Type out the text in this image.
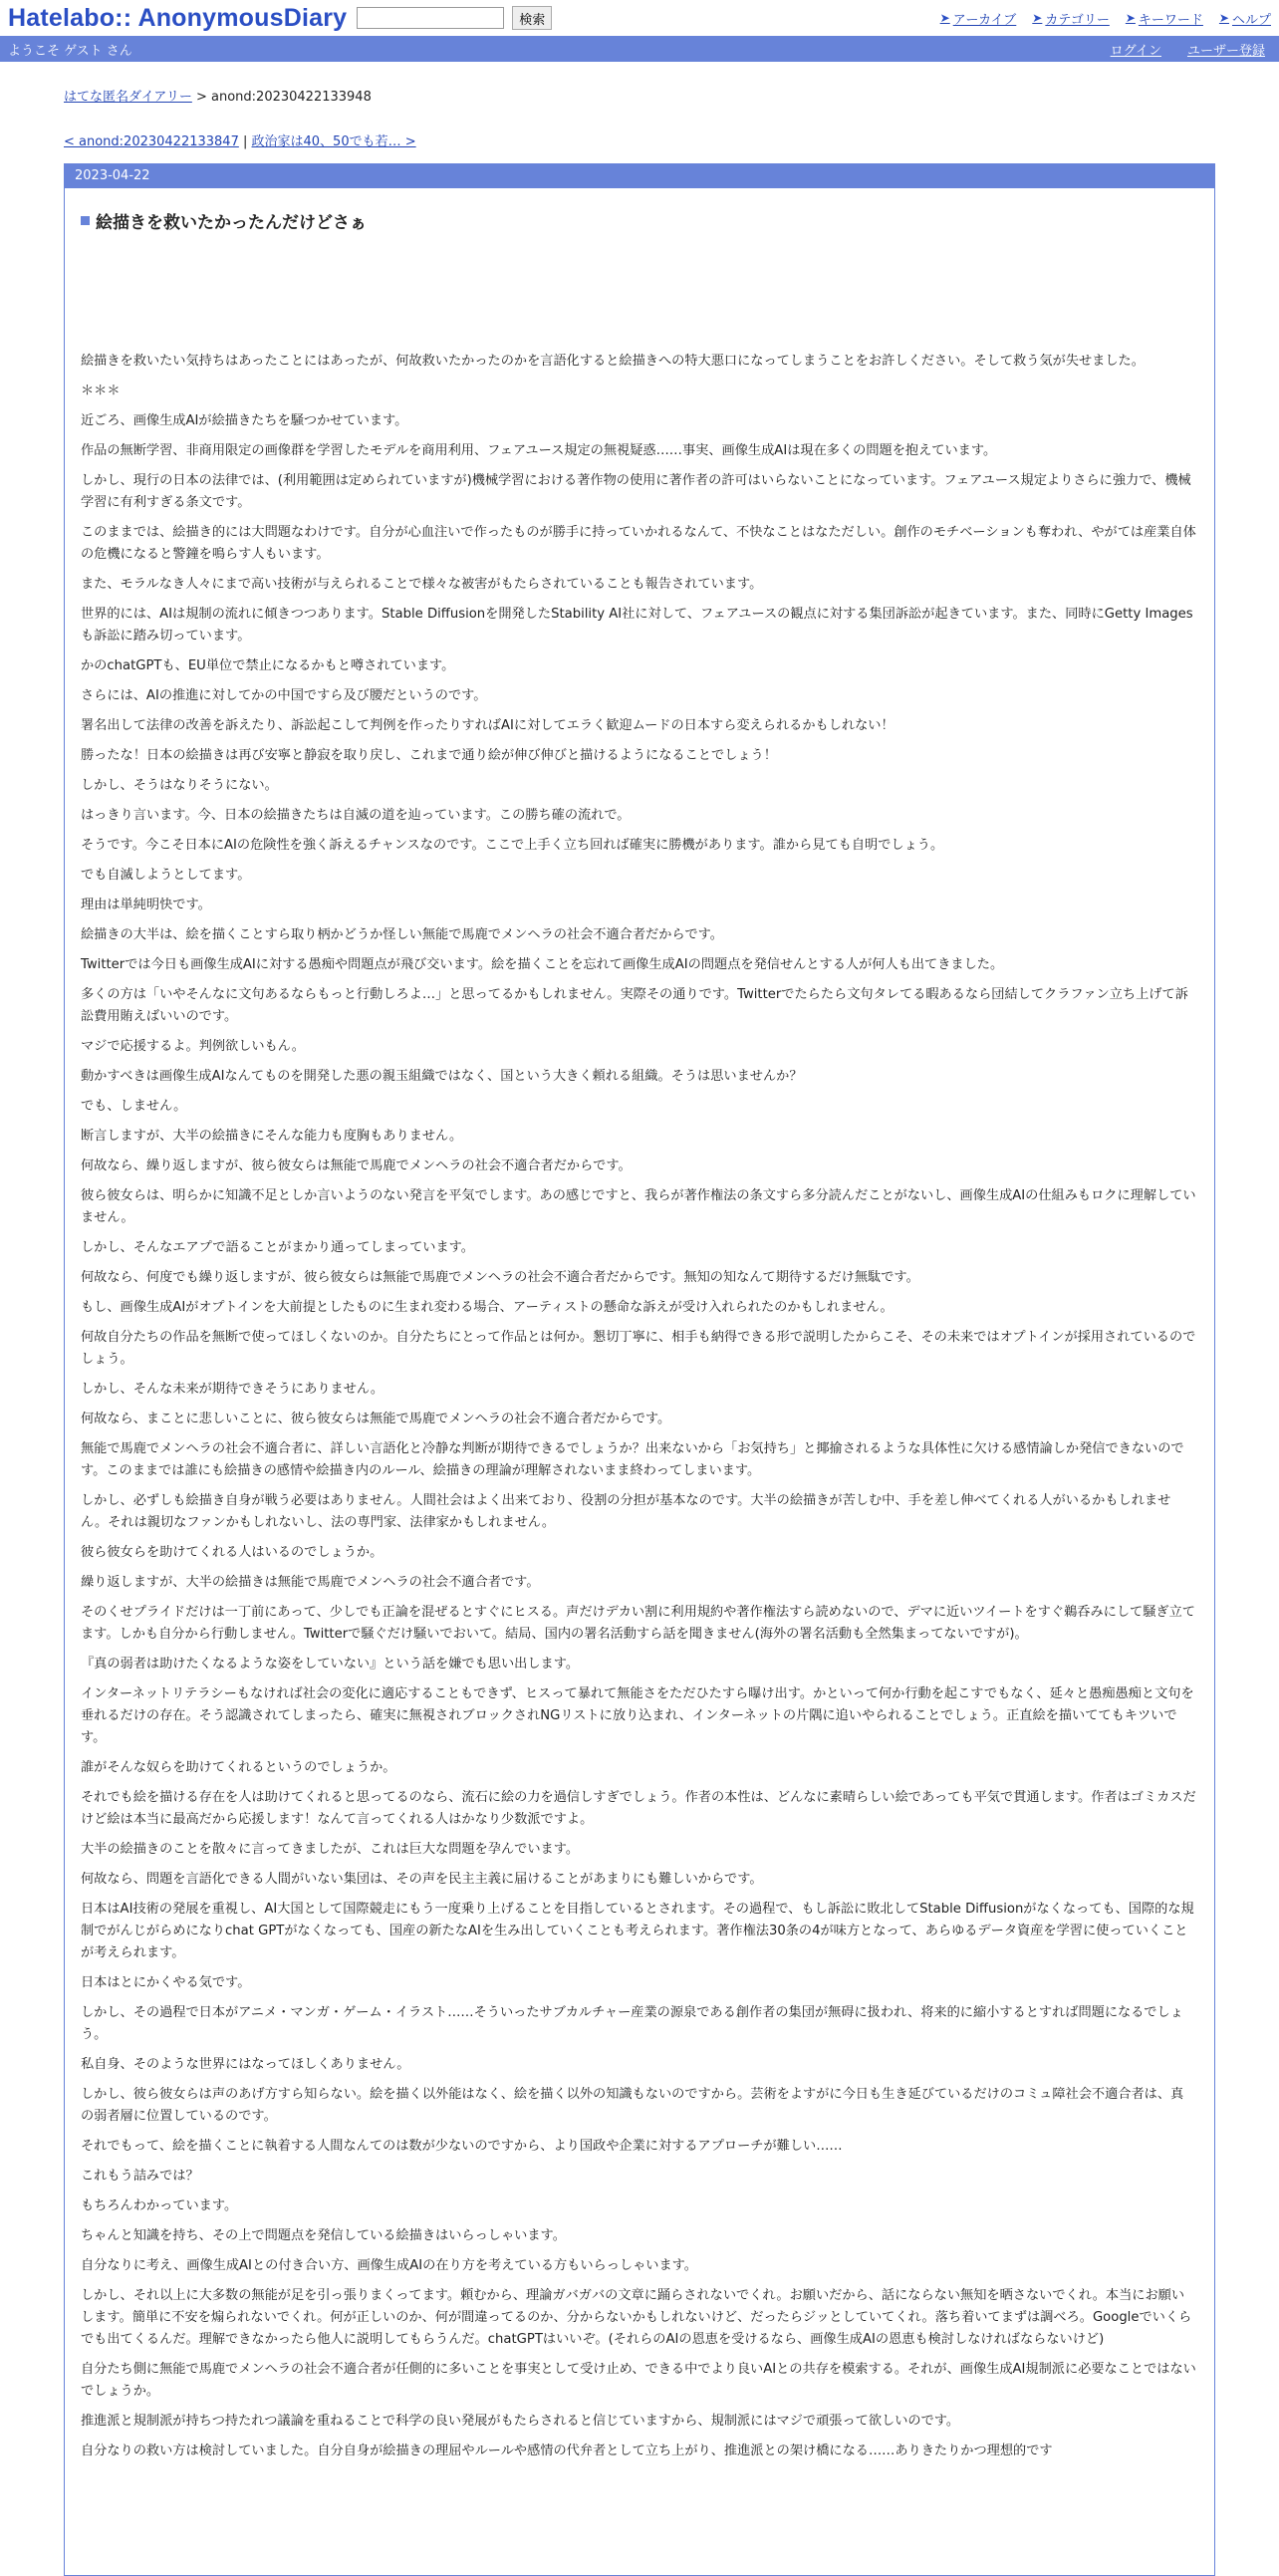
Hatelabo:: AnonymousDiary	検索	➤ アーカイブ ➤ カテゴリー ➤ キーワード ➤ ヘルプ
ようこそ ゲスト さん	ログイン ユーザー登録
はてな匿名ダイアリー > anond:20230422133948
< anond:20230422133847 | 政治家は40、50でも若… >
2023-04-22
絵描きを救いたかったんだけどさぁ

絵描きを救いたい気持ちはあったことにはあったが、何故救いたかったのかを言語化すると絵描きへの特大悪口になってしまうことをお許しください。そして救う気が失せました。

＊＊＊

近ごろ、画像生成AIが絵描きたちを騒つかせています。

作品の無断学習、非商用限定の画像群を学習したモデルを商用利用、フェアユース規定の無視疑惑……事実、画像生成AIは現在多くの問題を抱えています。

しかし、現行の日本の法律では、(利用範囲は定められていますが)機械学習における著作物の使用に著作者の許可はいらないことになっています。フェアユース規定よりさらに強力で、機械学習に有利すぎる条文です。

このままでは、絵描き的には大問題なわけです。自分が心血注いで作ったものが勝手に持っていかれるなんて、不快なことはなただしい。創作のモチベーションも奪われ、やがては産業自体の危機になると警鐘を鳴らす人もいます。

また、モラルなき人々にまで高い技術が与えられることで様々な被害がもたらされていることも報告されています。

世界的には、AIは規制の流れに傾きつつあります。Stable Diffusionを開発したStability AI社に対して、フェアユースの観点に対する集団訴訟が起きています。また、同時にGetty Imagesも訴訟に踏み切っています。

かのchatGPTも、EU単位で禁止になるかもと噂されています。

さらには、AIの推進に対してかの中国ですら及び腰だというのです。

署名出して法律の改善を訴えたり、訴訟起こして判例を作ったりすればAIに対してエラく歓迎ムードの日本すら変えられるかもしれない！

勝ったな！日本の絵描きは再び安寧と静寂を取り戻し、これまで通り絵が伸び伸びと描けるようになることでしょう！

しかし、そうはなりそうにない。

はっきり言います。今、日本の絵描きたちは自滅の道を辿っています。この勝ち確の流れで。

そうです。今こそ日本にAIの危険性を強く訴えるチャンスなのです。ここで上手く立ち回れば確実に勝機があります。誰から見ても自明でしょう。

でも自滅しようとしてます。

理由は単純明快です。

絵描きの大半は、絵を描くことすら取り柄かどうか怪しい無能で馬鹿でメンヘラの社会不適合者だからです。

Twitterでは今日も画像生成AIに対する愚痴や問題点が飛び交います。絵を描くことを忘れて画像生成AIの問題点を発信せんとする人が何人も出てきました。

多くの方は「いやそんなに文句あるならもっと行動しろよ…」と思ってるかもしれません。実際その通りです。Twitterでたらたら文句タレてる暇あるなら団結してクラファン立ち上げて訴訟費用賄えばいいのです。

マジで応援するよ。判例欲しいもん。

動かすべきは画像生成AIなんてものを開発した悪の親玉組織ではなく、国という大きく頼れる組織。そうは思いませんか？

でも、しません。

断言しますが、大半の絵描きにそんな能力も度胸もありません。

何故なら、繰り返しますが、彼ら彼女らは無能で馬鹿でメンヘラの社会不適合者だからです。

彼ら彼女らは、明らかに知識不足としか言いようのない発言を平気でします。あの感じですと、我らが著作権法の条文すら多分読んだことがないし、画像生成AIの仕組みもロクに理解していません。

しかし、そんなエアプで語ることがまかり通ってしまっています。

何故なら、何度でも繰り返しますが、彼ら彼女らは無能で馬鹿でメンヘラの社会不適合者だからです。無知の知なんて期待するだけ無駄です。

もし、画像生成AIがオプトインを大前提としたものに生まれ変わる場合、アーティストの懸命な訴えが受け入れられたのかもしれません。

何故自分たちの作品を無断で使ってほしくないのか。自分たちにとって作品とは何か。懇切丁寧に、相手も納得できる形で説明したからこそ、その未来ではオプトインが採用されているのでしょう。

しかし、そんな未来が期待できそうにありません。

何故なら、まことに悲しいことに、彼ら彼女らは無能で馬鹿でメンヘラの社会不適合者だからです。

無能で馬鹿でメンヘラの社会不適合者に、詳しい言語化と冷静な判断が期待できるでしょうか？出来ないから「お気持ち」と揶揄されるような具体性に欠ける感情論しか発信できないのです。このままでは誰にも絵描きの感情や絵描き内のルール、絵描きの理論が理解されないまま終わってしまいます。

しかし、必ずしも絵描き自身が戦う必要はありません。人間社会はよく出来ており、役割の分担が基本なのです。大半の絵描きが苦しむ中、手を差し伸べてくれる人がいるかもしれません。それは親切なファンかもしれないし、法の専門家、法律家かもしれません。

彼ら彼女らを助けてくれる人はいるのでしょうか。

繰り返しますが、大半の絵描きは無能で馬鹿でメンヘラの社会不適合者です。

そのくせプライドだけは一丁前にあって、少しでも正論を混ぜるとすぐにヒスる。声だけデカい割に利用規約や著作権法すら読めないので、デマに近いツイートをすぐ鵜呑みにして騒ぎ立てます。しかも自分から行動しません。Twitterで騒ぐだけ騒いでおいて。結局、国内の署名活動すら話を聞きません(海外の署名活動も全然集まってないですが)。

『真の弱者は助けたくなるような姿をしていない』という話を嫌でも思い出します。

インターネットリテラシーもなければ社会の変化に適応することもできず、ヒスって暴れて無能さをただひたすら曝け出す。かといって何か行動を起こすでもなく、延々と愚痴愚痴と文句を垂れるだけの存在。そう認識されてしまったら、確実に無視されブロックされNGリストに放り込まれ、インターネットの片隅に追いやられることでしょう。正直絵を描いててもキツいです。

誰がそんな奴らを助けてくれるというのでしょうか。

それでも絵を描ける存在を人は助けてくれると思ってるのなら、流石に絵の力を過信しすぎでしょう。作者の本性は、どんなに素晴らしい絵であっても平気で貫通します。作者はゴミカスだけど絵は本当に最高だから応援します！なんて言ってくれる人はかなり少数派ですよ。

大半の絵描きのことを散々に言ってきましたが、これは巨大な問題を孕んでいます。

何故なら、問題を言語化できる人間がいない集団は、その声を民主主義に届けることがあまりにも難しいからです。

日本はAI技術の発展を重視し、AI大国として国際競走にもう一度乗り上げることを目指しているとされます。その過程で、もし訴訟に敗北してStable Diffusionがなくなっても、国際的な規制でがんじがらめになりchat GPTがなくなっても、国産の新たなAIを生み出していくことも考えられます。著作権法30条の4が味方となって、あらゆるデータ資産を学習に使っていくことが考えられます。

日本はとにかくやる気です。

しかし、その過程で日本がアニメ・マンガ・ゲーム・イラスト……そういったサブカルチャー産業の源泉である創作者の集団が無碍に扱われ、将来的に縮小するとすれば問題になるでしょう。

私自身、そのような世界にはなってほしくありません。

しかし、彼ら彼女らは声のあげ方すら知らない。絵を描く以外能はなく、絵を描く以外の知識もないのですから。芸術をよすがに今日も生き延びているだけのコミュ障社会不適合者は、真の弱者層に位置しているのです。

それでもって、絵を描くことに執着する人間なんてのは数が少ないのですから、より国政や企業に対するアプローチが難しい……

これもう詰みでは？

もちろんわかっています。

ちゃんと知識を持ち、その上で問題点を発信している絵描きはいらっしゃいます。

自分なりに考え、画像生成AIとの付き合い方、画像生成AIの在り方を考えている方もいらっしゃいます。

しかし、それ以上に大多数の無能が足を引っ張りまくってます。頼むから、理論ガバガバの文章に踊らされないでくれ。お願いだから、話にならない無知を晒さないでくれ。本当にお願いします。簡単に不安を煽られないでくれ。何が正しいのか、何が間違ってるのか、分からないかもしれないけど、だったらジッとしていてくれ。落ち着いてまずは調べろ。Googleでいくらでも出てくるんだ。理解できなかったら他人に説明してもらうんだ。chatGPTはいいぞ。(それらのAIの恩恵を受けるなら、画像生成AIの恩恵も検討しなければならないけど)

自分たち側に無能で馬鹿でメンヘラの社会不適合者が任側的に多いことを事実として受け止め、できる中でより良いAIとの共存を模索する。それが、画像生成AI規制派に必要なことではないでしょうか。

推進派と規制派が持ちつ持たれつ議論を重ねることで科学の良い発展がもたらされると信じていますから、規制派にはマジで頑張って欲しいのです。

自分なりの救い方は検討していました。自分自身が絵描きの理屈やルールや感情の代弁者として立ち上がり、推進派との架け橋になる……ありきたりかつ理想的です
